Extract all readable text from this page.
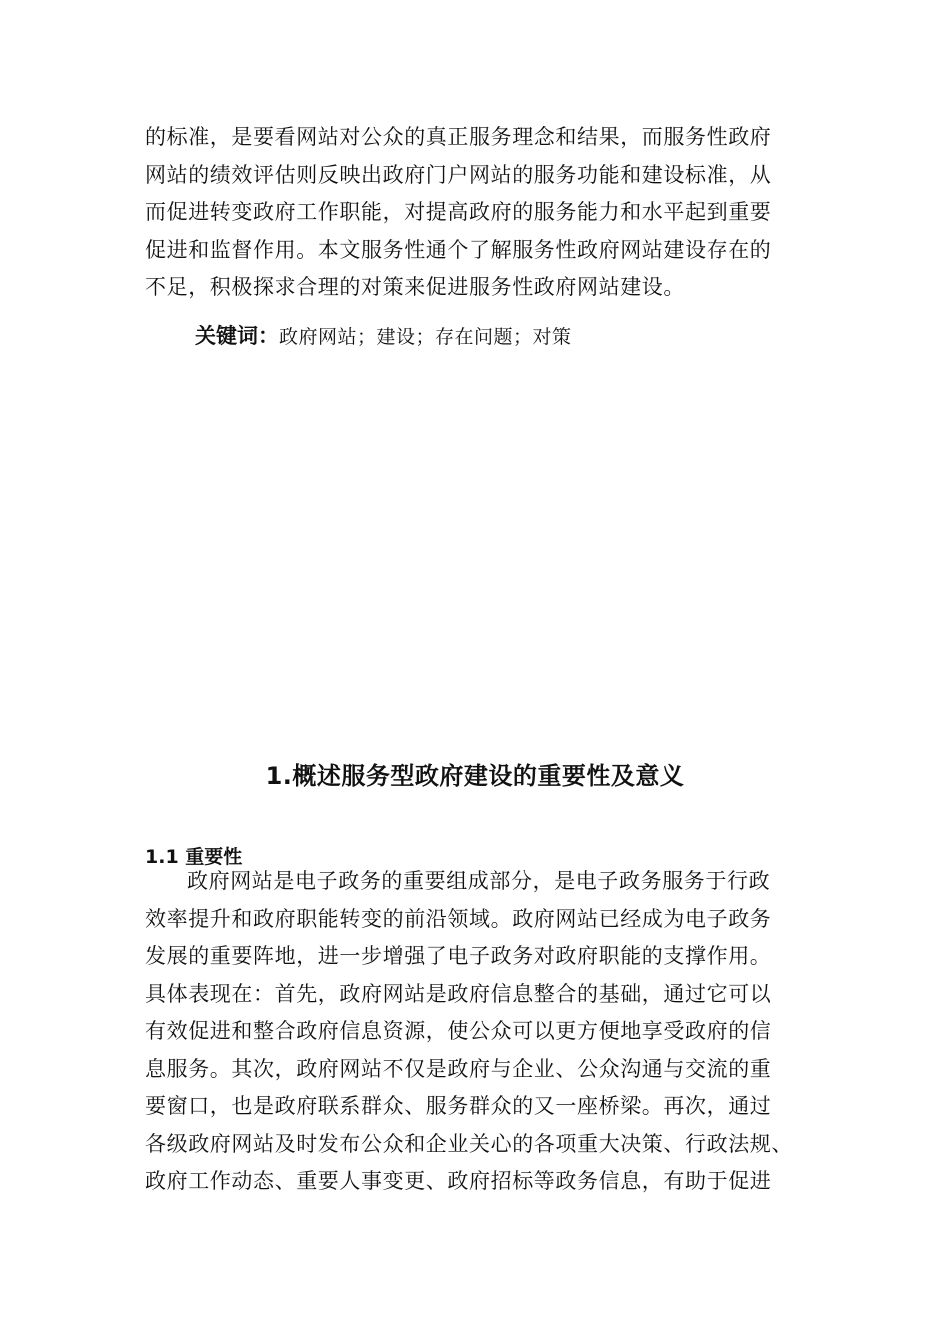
的标准，是要看网站对公众的真正服务理念和结果，而服务性政府
网站的绩效评估则反映出政府门户网站的服务功能和建设标准，从
而促进转变政府工作职能，对提高政府的服务能力和水平起到重要
促进和监督作用。本文服务性通个了解服务性政府网站建设存在的
不足，积极探求合理的对策来促进服务性政府网站建设。

关键词：政府网站；建设；存在问题；对策
1.概述服务型政府建设的重要性及意义
1.1 重要性

政府网站是电子政务的重要组成部分，是电子政务服务于行政
效率提升和政府职能转变的前沿领域。政府网站已经成为电子政务
发展的重要阵地，进一步增强了电子政务对政府职能的支撑作用。
具体表现在：首先，政府网站是政府信息整合的基础，通过它可以
有效促进和整合政府信息资源，使公众可以更方便地享受政府的信
息服务。其次，政府网站不仅是政府与企业、公众沟通与交流的重
要窗口，也是政府联系群众、服务群众的又一座桥梁。再次，通过
各级政府网站及时发布公众和企业关心的各项重大决策、行政法规、
政府工作动态、重要人事变更、政府招标等政务信息，有助于促进
